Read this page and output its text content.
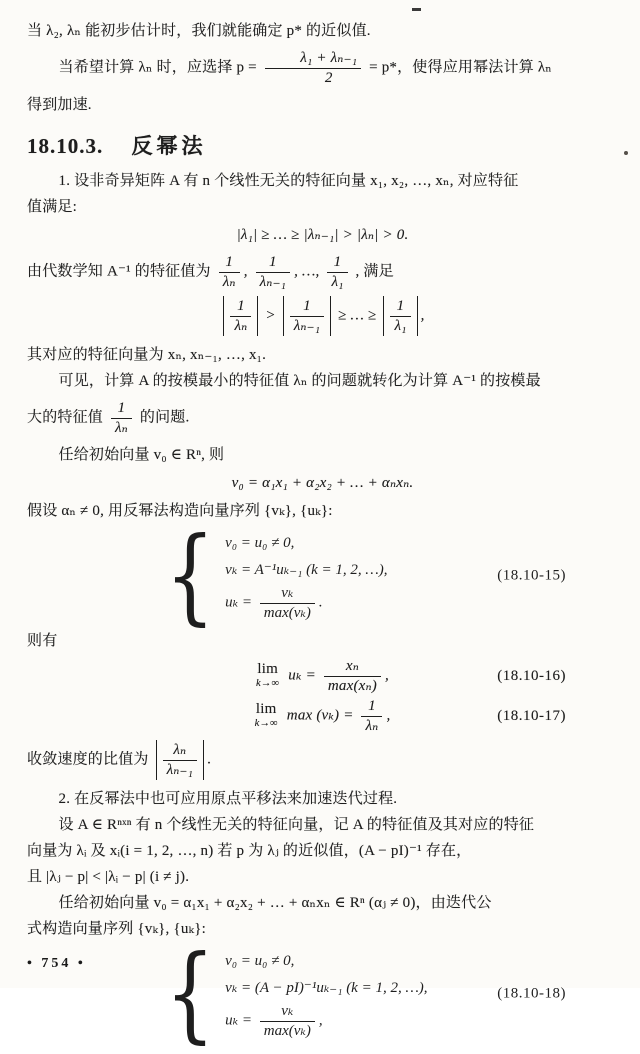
当 λ₂, λₙ 能初步估计时，我们就能确定 p* 的近似值.

当希望计算 λₙ 时，应选择 $p = \frac{\text{λ₁ + λₙ₋₁}}{2} = p*$，使得应用幂法计算 λₙ

得到加速.

18.10.3. 反幂法

1. 设非奇异矩阵 A 有 n 个线性无关的特征向量 x₁, x₂, …, xₙ, 对应特征

值满足:

|λ₁| ≥ … ≥ |λₙ₋₁| > |λₙ| > 0.

由代数学知 A⁻¹ 的特征值为 $\frac{1}{\text{λₙ}}$ , $\frac{1}{\text{λₙ₋₁}}$ , …, $\frac{1}{\text{λ₁}}$ , 满足

$\frac{1}{\text{λₙ}} > \frac{1}{\text{λₙ₋₁}}$ ≥ … ≥ $\frac{1}{\text{λ₁}}$ ,

其对应的特征向量为 xₙ, xₙ₋₁, …, x₁.

可见，计算 A 的按模最小的特征值 λₙ 的问题就转化为计算 A⁻¹ 的按模最

大的特征值 $\frac{1}{\text{λₙ}}$ 的问题.

任给初始向量 v₀ ∈ Rⁿ, 则

v₀ = α₁x₁ + α₂x₂ + … + αₙxₙ.

假设 αₙ ≠ 0, 用反幂法构造向量序列 {vₖ}, {uₖ}:

{ v₀ = u₀ ≠ 0,
vₖ = A⁻¹uₖ₋₁ (k = 1, 2, …),
$u_k = \frac{\text{vₖ}}{\text{max(vₖ)}}$ .
(18.10-15)

则有

lim
k→∞
$u_k = \frac{\text{xₙ}}{\text{max(xₙ)}}$ ,	(18.10-16)
lim
k→∞
$\max (v_k) = \frac{1}{\text{λₙ}}$ ,	(18.10-17)

收敛速度的比值为 $\frac{\text{λₙ}}{\text{λₙ₋₁}}$ .

2. 在反幂法中也可应用原点平移法来加速迭代过程.

设 A ∈ Rⁿˣⁿ 有 n 个线性无关的特征向量，记 A 的特征值及其对应的特征

向量为 λᵢ 及 xᵢ(i = 1, 2, …, n) 若 p 为 λⱼ 的近似值，(A − pI)⁻¹ 存在，

且 |λⱼ − p| < |λᵢ − p| (i ≠ j).

任给初始向量 v₀ = α₁x₁ + α₂x₂ + … + αₙxₙ ∈ Rⁿ (αⱼ ≠ 0)，由迭代公

式构造向量序列 {vₖ}, {uₖ}:

{ v₀ = u₀ ≠ 0,
vₖ = (A − pI)⁻¹uₖ₋₁ (k = 1, 2, …),
$u_k = \frac{\text{vₖ}}{\text{max(vₖ)}}$ ,
(18.10-18)
• 754 •
